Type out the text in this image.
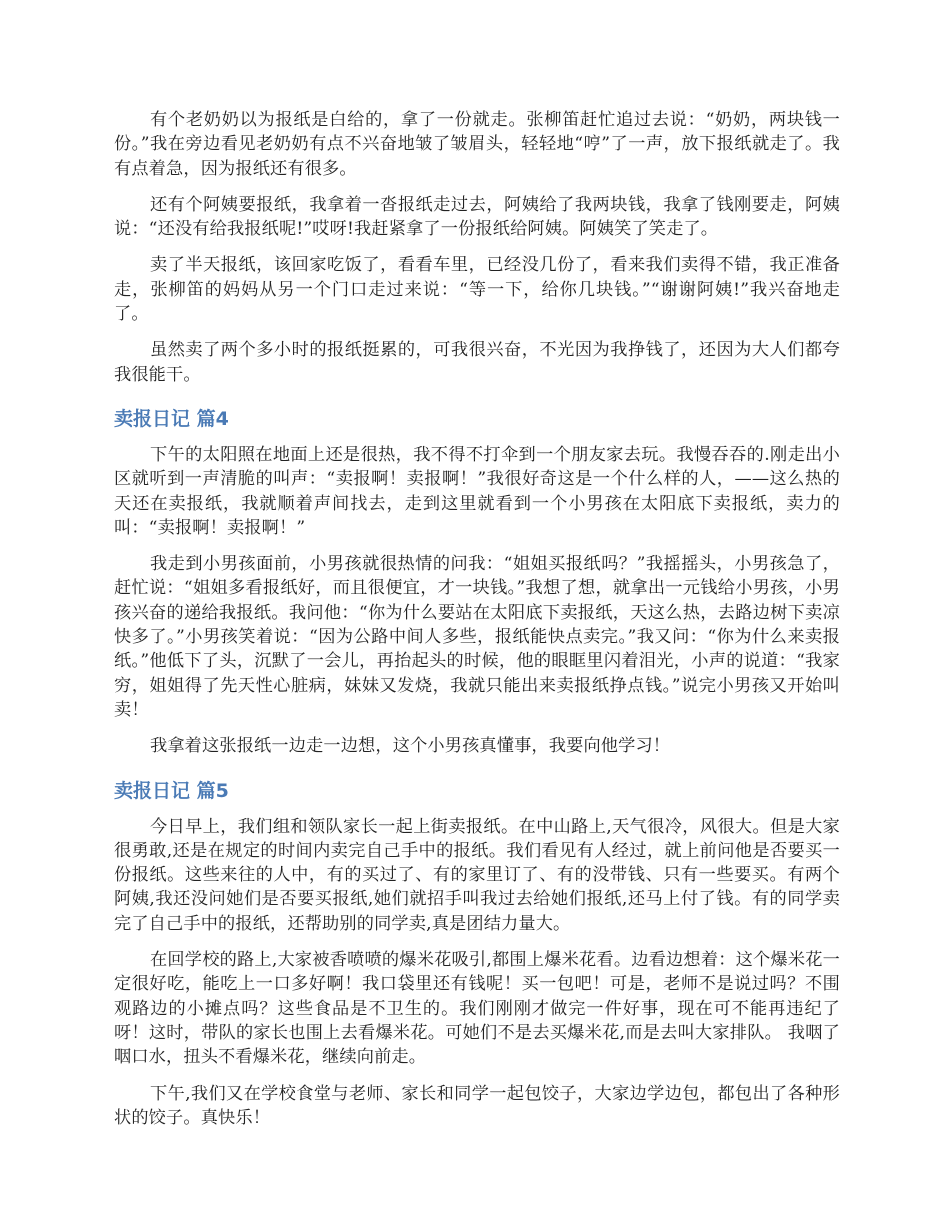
有个老奶奶以为报纸是白给的，拿了一份就走。张柳笛赶忙追过去说：“奶奶，两块钱一份。”我在旁边看见老奶奶有点不兴奋地皱了皱眉头，轻轻地“哼”了一声，放下报纸就走了。我有点着急，因为报纸还有很多。

还有个阿姨要报纸，我拿着一沓报纸走过去，阿姨给了我两块钱，我拿了钱刚要走，阿姨说：“还没有给我报纸呢!”哎呀!我赶紧拿了一份报纸给阿姨。阿姨笑了笑走了。

卖了半天报纸，该回家吃饭了，看看车里，已经没几份了，看来我们卖得不错，我正准备走，张柳笛的妈妈从另一个门口走过来说：“等一下，给你几块钱。”“谢谢阿姨!”我兴奋地走了。

虽然卖了两个多小时的报纸挺累的，可我很兴奋，不光因为我挣钱了，还因为大人们都夸我很能干。

卖报日记 篇4

下午的太阳照在地面上还是很热，我不得不打伞到一个朋友家去玩。我慢吞吞的.刚走出小区就听到一声清脆的叫声：“卖报啊！卖报啊！”我很好奇这是一个什么样的人，——这么热的天还在卖报纸，我就顺着声间找去，走到这里就看到一个小男孩在太阳底下卖报纸，卖力的叫：“卖报啊！卖报啊！”

我走到小男孩面前，小男孩就很热情的问我：“姐姐买报纸吗？”我摇摇头，小男孩急了，赶忙说：“姐姐多看报纸好，而且很便宜，才一块钱。”我想了想，就拿出一元钱给小男孩，小男孩兴奋的递给我报纸。我问他：“你为什么要站在太阳底下卖报纸，天这么热，去路边树下卖凉快多了。”小男孩笑着说：“因为公路中间人多些，报纸能快点卖完。”我又问：“你为什么来卖报纸。”他低下了头，沉默了一会儿，再抬起头的时候，他的眼眶里闪着泪光，小声的说道：“我家穷，姐姐得了先天性心脏病，妹妹又发烧，我就只能出来卖报纸挣点钱。”说完小男孩又开始叫卖！

我拿着这张报纸一边走一边想，这个小男孩真懂事，我要向他学习！

卖报日记 篇5

今日早上，我们组和领队家长一起上街卖报纸。在中山路上,天气很冷，风很大。但是大家很勇敢,还是在规定的时间内卖完自己手中的报纸。我们看见有人经过，就上前问他是否要买一份报纸。这些来往的人中，有的买过了、有的家里订了、有的没带钱、只有一些要买。有两个阿姨,我还没问她们是否要买报纸,她们就招手叫我过去给她们报纸,还马上付了钱。有的同学卖完了自己手中的报纸，还帮助别的同学卖,真是团结力量大。

在回学校的路上,大家被香喷喷的爆米花吸引,都围上爆米花看。边看边想着：这个爆米花一定很好吃，能吃上一口多好啊！我口袋里还有钱呢！买一包吧！可是，老师不是说过吗？不围观路边的小摊点吗？这些食品是不卫生的。我们刚刚才做完一件好事，现在可不能再违纪了呀！这时，带队的家长也围上去看爆米花。可她们不是去买爆米花,而是去叫大家排队。 我咽了咽口水，扭头不看爆米花，继续向前走。

下午,我们又在学校食堂与老师、家长和同学一起包饺子，大家边学边包，都包出了各种形状的饺子。真快乐！
